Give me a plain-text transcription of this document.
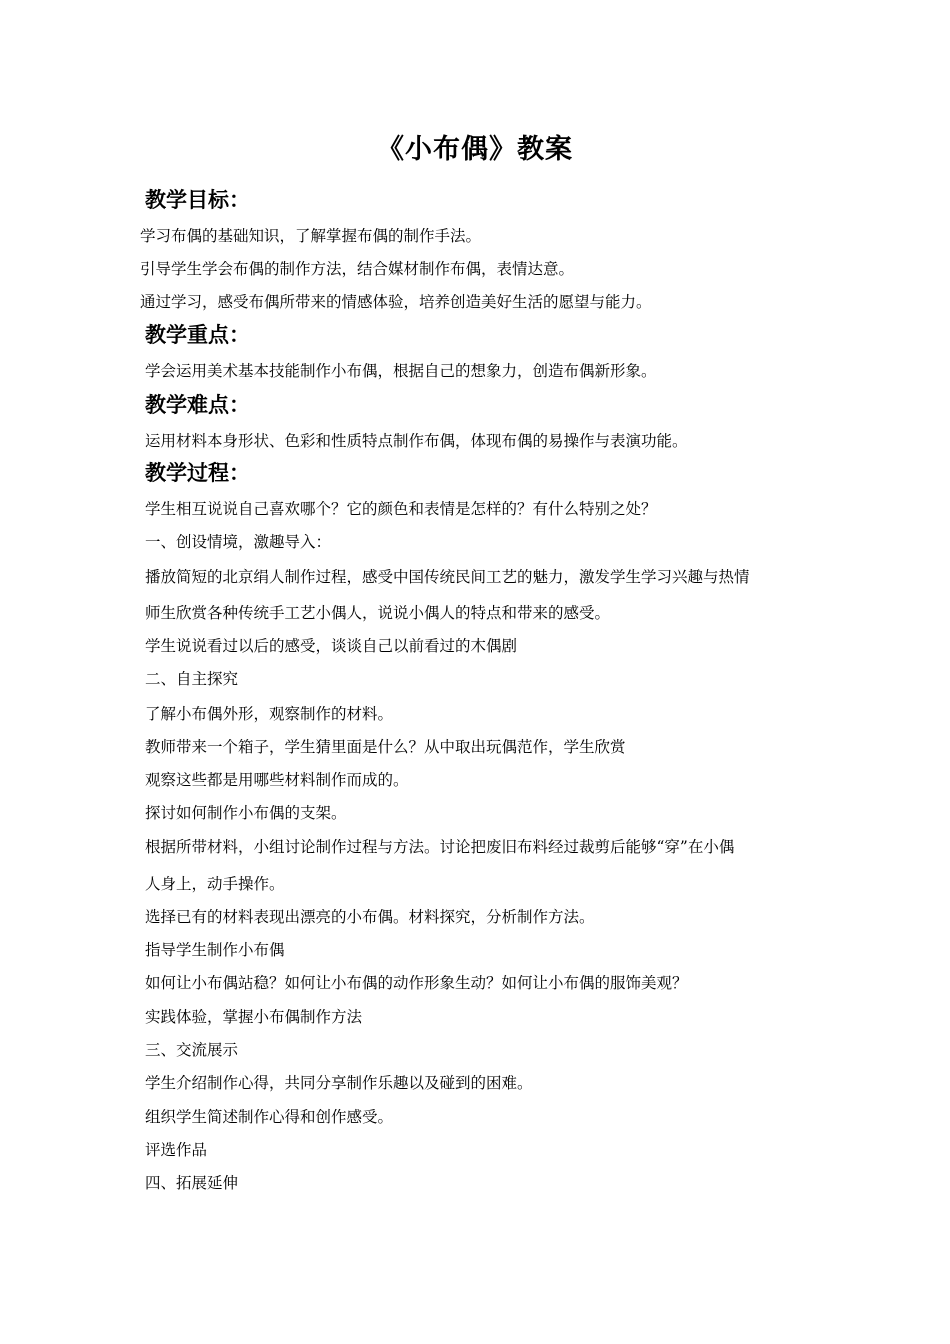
《小布偶》教案
教学目标：
学习布偶的基础知识，了解掌握布偶的制作手法。
引导学生学会布偶的制作方法，结合媒材制作布偶，表情达意。
通过学习，感受布偶所带来的情感体验，培养创造美好生活的愿望与能力。
教学重点：
学会运用美术基本技能制作小布偶，根据自己的想象力，创造布偶新形象。
教学难点：
运用材料本身形状、色彩和性质特点制作布偶，体现布偶的易操作与表演功能。
教学过程：
学生相互说说自己喜欢哪个？它的颜色和表情是怎样的？有什么特别之处？
一、创设情境，激趣导入：
播放简短的北京绢人制作过程，感受中国传统民间工艺的魅力，激发学生学习兴趣与热情
师生欣赏各种传统手工艺小偶人，说说小偶人的特点和带来的感受。
学生说说看过以后的感受，谈谈自己以前看过的木偶剧
二、自主探究
了解小布偶外形，观察制作的材料。
教师带来一个箱子，学生猜里面是什么？从中取出玩偶范作，学生欣赏
观察这些都是用哪些材料制作而成的。
探讨如何制作小布偶的支架。
根据所带材料，小组讨论制作过程与方法。讨论把废旧布料经过裁剪后能够“穿”在小偶
人身上，动手操作。
选择已有的材料表现出漂亮的小布偶。材料探究，分析制作方法。
指导学生制作小布偶
如何让小布偶站稳？如何让小布偶的动作形象生动？如何让小布偶的服饰美观？
实践体验，掌握小布偶制作方法
三、交流展示
学生介绍制作心得，共同分享制作乐趣以及碰到的困难。
组织学生简述制作心得和创作感受。
评选作品
四、拓展延伸
